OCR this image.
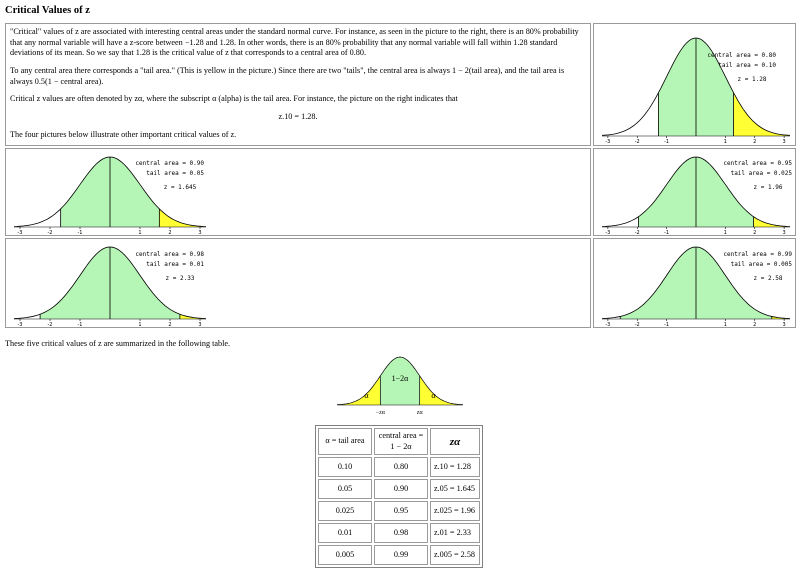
Critical Values of z

"Critical" values of z are associated with interesting central areas under the standard normal curve. For instance, as seen in the picture to the right, there is an 80% probability that any normal variable will have a z-score between −1.28 and 1.28. In other words, there is an 80% probability that any normal variable will fall within 1.28 standard deviations of its mean. So we say that 1.28 is the critical value of z that corresponds to a central area of 0.80.

To any central area there corresponds a "tail area." (This is yellow in the picture.) Since there are two "tails", the central area is always 1 − 2(tail area), and the tail area is always 0.5(1 − central area).

Critical z values are often denoted by zα, where the subscript α (alpha) is the tail area. For instance, the picture on the right indicates that

z.10 = 1.28.

The four pictures below illustrate other important critical values of z.

-3	-2	-1	1	2	3
central area = 0.80
tail area = 0.10
z = 1.28
-3	-2	-1	1	2	3
central area = 0.90
tail area = 0.05
z = 1.645
-3	-2	-1	1	2	3
central area = 0.95
tail area = 0.025
z = 1.96
-3	-2	-1	1	2	3
central area = 0.98
tail area = 0.01
z = 2.33
-3	-2	-1	1	2	3
central area = 0.99
tail area = 0.005
z = 2.58
These five critical values of z are summarized in the following table.
1−2α
α	α
−zα	zα
α = tail area	central area = 1 − 2α	zα
0.10	0.80	z.10 = 1.28
0.05	0.90	z.05 = 1.645
0.025	0.95	z.025 = 1.96
0.01	0.98	z.01 = 2.33
0.005	0.99	z.005 = 2.58
